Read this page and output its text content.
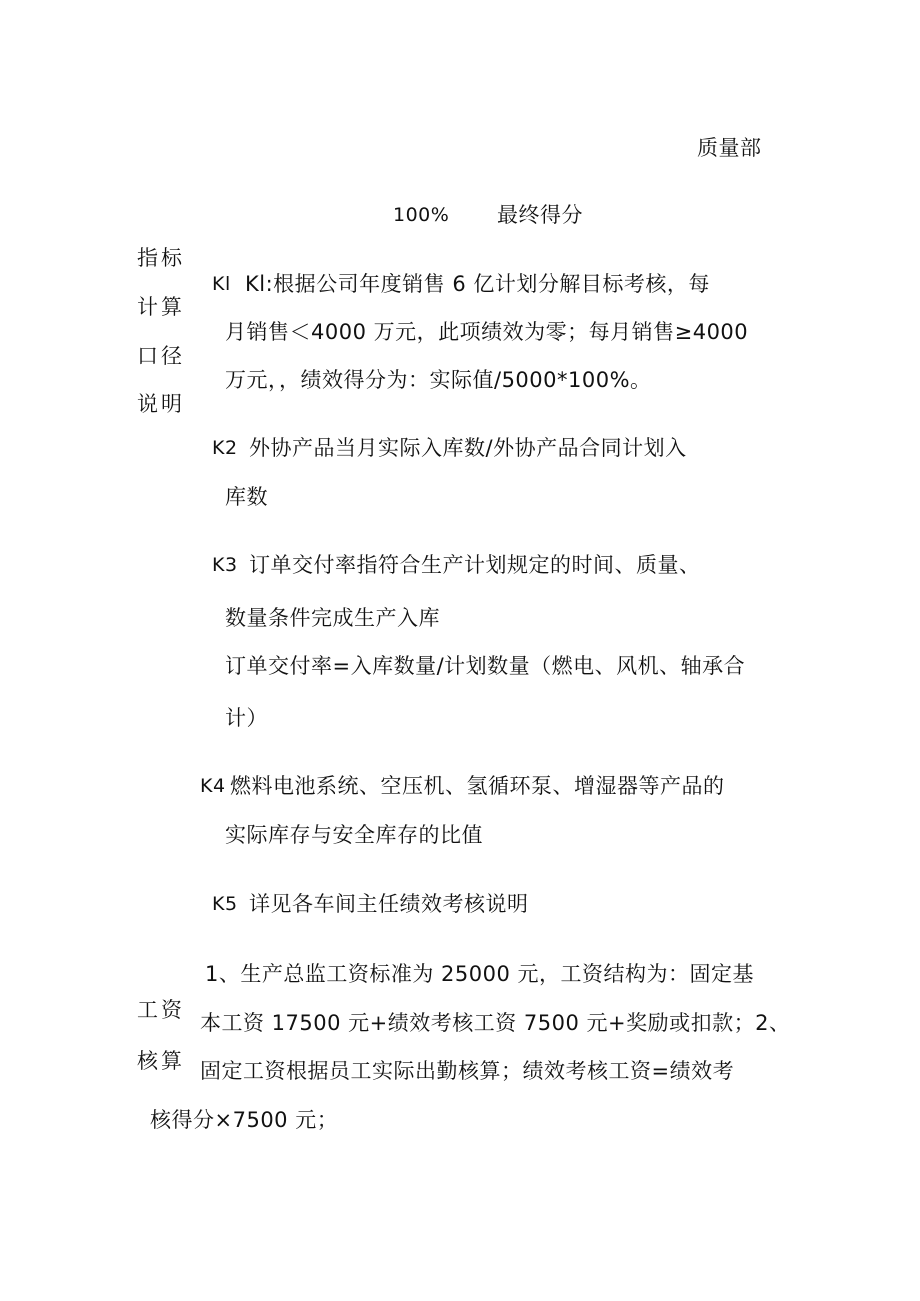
质量部
100% 最终得分
指标
计算
口径
说明
Kl Kl:根据公司年度销售 6 亿计划分解目标考核，每
月销售＜4000 万元，此项绩效为零；每月销售≥4000
万元，，绩效得分为：实际值/5000*100%。
K2 外协产品当月实际入库数/外协产品合同计划入
库数
K3 订单交付率指符合生产计划规定的时间、质量、
数量条件完成生产入库
订单交付率=入库数量/计划数量（燃电、风机、轴承合
计）
K4 燃料电池系统、空压机、氢循环泵、增湿器等产品的
实际库存与安全库存的比值
K5 详见各车间主任绩效考核说明
工资
核算
1、生产总监工资标准为 25000 元，工资结构为：固定基
本工资 17500 元+绩效考核工资 7500 元+奖励或扣款；2、
固定工资根据员工实际出勤核算；绩效考核工资=绩效考
核得分×7500 元；
